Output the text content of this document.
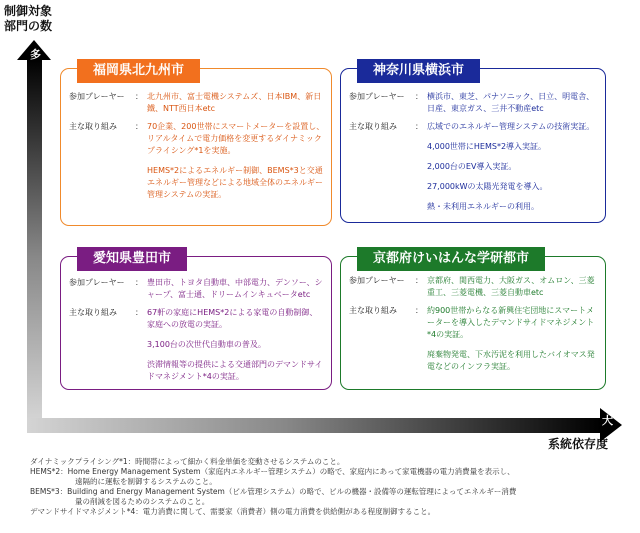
制御対象
部門の数
系統依存度
多
大
福岡県北九州市
参加プレーヤー	： 北九州市、富士電機システムズ、日本IBM、新日鐵、NTT西日本etc
主な取り組み	： 70企業、200世帯にスマートメーターを設置し、リアルタイムで電力価格を変更するダイナミックプライシング*1を実施。

HEMS*2によるエネルギー制御、BEMS*3と交通エネルギー管理などによる地域全体のエネルギー管理システムの実証。

神奈川県横浜市
参加プレーヤー	： 横浜市、東芝、パナソニック、日立、明電舎、日産、東京ガス、三井不動産etc
主な取り組み	： 広域でのエネルギー管理システムの技術実証。

4,000世帯にHEMS*2導入実証。

2,000台のEV導入実証。

27,000kWの太陽光発電を導入。

熱・未利用エネルギーの利用。

愛知県豊田市
参加プレーヤー	： 豊田市、トヨタ自動車、中部電力、デンソー、シャープ、富士通、ドリームインキュベータetc
主な取り組み	： 67軒の家庭にHEMS*2による家電の自動制御、家庭への放電の実証。

3,100台の次世代自動車の普及。

渋滞情報等の提供による交通部門のデマンドサイドマネジメント*4の実証。

京都府けいはんな学研都市
参加プレーヤー	： 京都府、関西電力、大阪ガス、オムロン、三菱重工、三菱電機、三菱自動車etc
主な取り組み	： 約900世帯からなる新興住宅団地にスマートメーターを導入したデマンドサイドマネジメント*4の実証。

廃棄物発電、下水汚泥を利用したバイオマス発電などのインフラ実証。

ダイナミックプライシング*1：時間帯によって細かく料金単価を変動させるシステムのこと。
HEMS*2：Home Energy Management System（家庭内エネルギー管理システム）の略で、家庭内にあって家電機器の電力消費量を表示し、
遠隔的に運転を制御するシステムのこと。
BEMS*3：Building and Energy Management System（ビル管理システム）の略で、ビルの機器・設備等の運転管理によってエネルギー消費
量の削減を図るためのシステムのこと。
デマンドサイドマネジメント*4：電力消費に関して、需要家（消費者）側の電力消費を供給側がある程度制御すること。
